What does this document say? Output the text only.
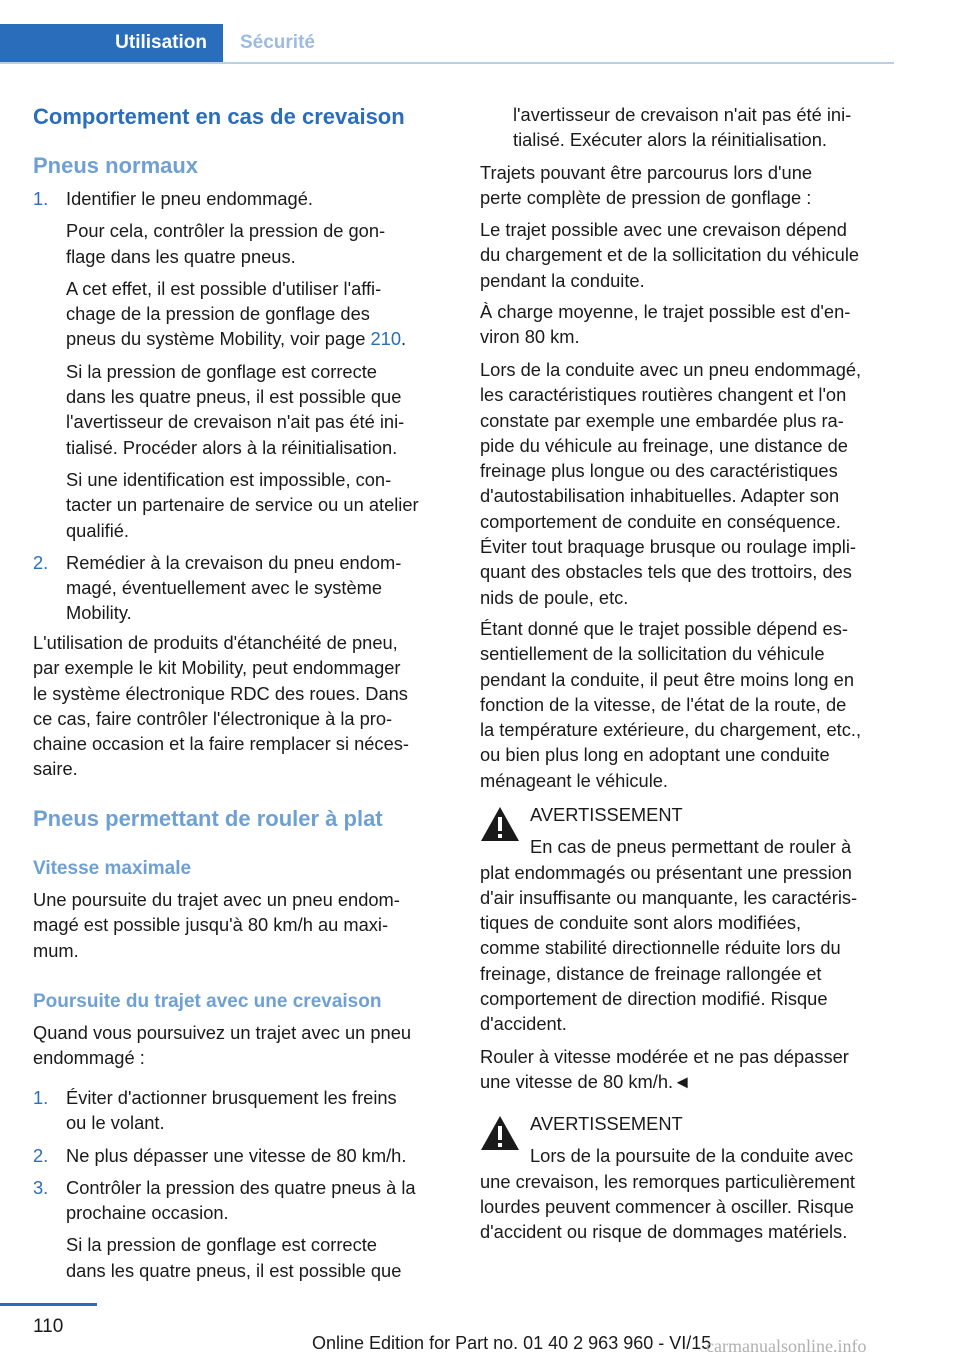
Utilisation	Sécurité
Comportement en cas de crevaison
Pneus normaux
1. Identifier le pneu endommagé.

Pour cela, contrôler la pression de gon-

flage dans les quatre pneus.

A cet effet, il est possible d'utiliser l'affi-

chage de la pression de gonflage des

pneus du système Mobility, voir page 210.

Si la pression de gonflage est correcte

dans les quatre pneus, il est possible que

l'avertisseur de crevaison n'ait pas été ini-

tialisé. Procéder alors à la réinitialisation.

Si une identification est impossible, con-

tacter un partenaire de service ou un atelier

qualifié.

2. Remédier à la crevaison du pneu endom-

magé, éventuellement avec le système

Mobility.

L'utilisation de produits d'étanchéité de pneu,

par exemple le kit Mobility, peut endommager

le système électronique RDC des roues. Dans

ce cas, faire contrôler l'électronique à la pro-

chaine occasion et la faire remplacer si néces-

saire.

Pneus permettant de rouler à plat
Vitesse maximale

Une poursuite du trajet avec un pneu endom-

magé est possible jusqu'à 80 km/h au maxi-

mum.

Poursuite du trajet avec une crevaison

Quand vous poursuivez un trajet avec un pneu

endommagé :

1. Éviter d'actionner brusquement les freins

ou le volant.

2. Ne plus dépasser une vitesse de 80 km/h.

3. Contrôler la pression des quatre pneus à la

prochaine occasion.

Si la pression de gonflage est correcte

dans les quatre pneus, il est possible que

l'avertisseur de crevaison n'ait pas été ini-

tialisé. Exécuter alors la réinitialisation.

Trajets pouvant être parcourus lors d'une

perte complète de pression de gonflage :

Le trajet possible avec une crevaison dépend

du chargement et de la sollicitation du véhicule

pendant la conduite.

À charge moyenne, le trajet possible est d'en-

viron 80 km.

Lors de la conduite avec un pneu endommagé,

les caractéristiques routières changent et l'on

constate par exemple une embardée plus ra-

pide du véhicule au freinage, une distance de

freinage plus longue ou des caractéristiques

d'autostabilisation inhabituelles. Adapter son

comportement de conduite en conséquence.

Éviter tout braquage brusque ou roulage impli-

quant des obstacles tels que des trottoirs, des

nids de poule, etc.

Étant donné que le trajet possible dépend es-

sentiellement de la sollicitation du véhicule

pendant la conduite, il peut être moins long en

fonction de la vitesse, de l'état de la route, de

la température extérieure, du chargement, etc.,

ou bien plus long en adoptant une conduite

ménageant le véhicule.

AVERTISSEMENT

En cas de pneus permettant de rouler à

plat endommagés ou présentant une pression

d'air insuffisante ou manquante, les caractéris-

tiques de conduite sont alors modifiées,

comme stabilité directionnelle réduite lors du

freinage, distance de freinage rallongée et

comportement de direction modifié. Risque

d'accident.

Rouler à vitesse modérée et ne pas dépasser

une vitesse de 80 km/h.◄

AVERTISSEMENT

Lors de la poursuite de la conduite avec

une crevaison, les remorques particulièrement

lourdes peuvent commencer à osciller. Risque

d'accident ou risque de dommages matériels.

110
Online Edition for Part no. 01 40 2 963 960 - VI/15
carmanualsonline.info
